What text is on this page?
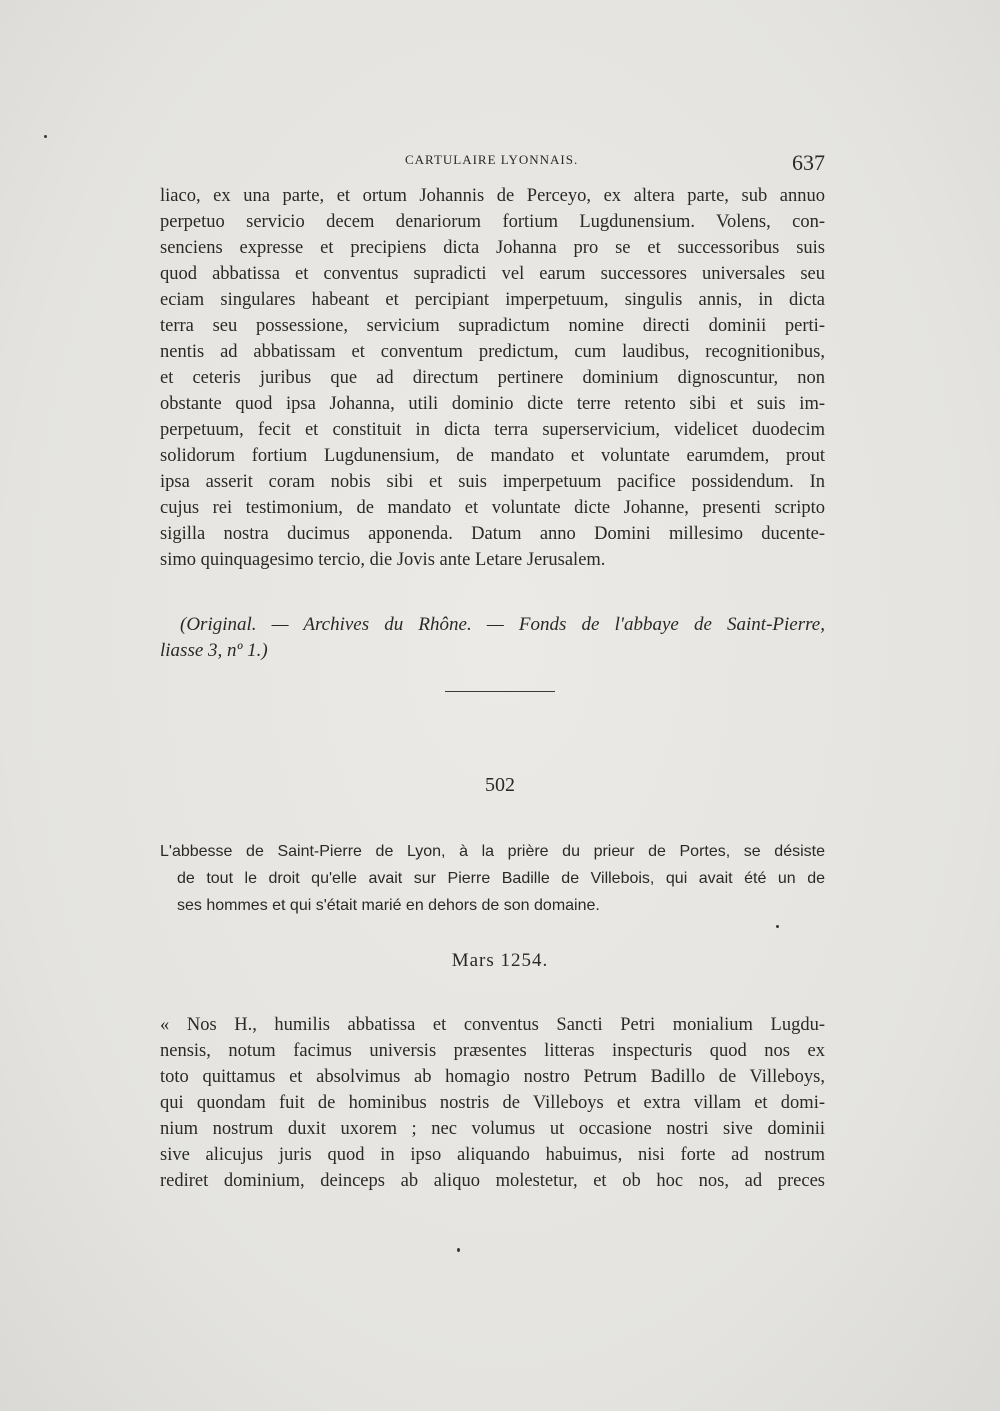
CARTULAIRE LYONNAIS.	637
liaco, ex una parte, et ortum Johannis de Perceyo, ex altera parte, sub annuo
perpetuo servicio decem denariorum fortium Lugdunensium. Volens, con-
senciens expresse et precipiens dicta Johanna pro se et successoribus suis
quod abbatissa et conventus supradicti vel earum successores universales seu
eciam singulares habeant et percipiant imperpetuum, singulis annis, in dicta
terra seu possessione, servicium supradictum nomine directi dominii perti-
nentis ad abbatissam et conventum predictum, cum laudibus, recognitionibus,
et ceteris juribus que ad directum pertinere dominium dignoscuntur, non
obstante quod ipsa Johanna, utili dominio dicte terre retento sibi et suis im-
perpetuum, fecit et constituit in dicta terra superservicium, videlicet duodecim
solidorum fortium Lugdunensium, de mandato et voluntate earumdem, prout
ipsa asserit coram nobis sibi et suis imperpetuum pacifice possidendum. In
cujus rei testimonium, de mandato et voluntate dicte Johanne, presenti scripto
sigilla nostra ducimus apponenda. Datum anno Domini millesimo ducente-
simo quinquagesimo tercio, die Jovis ante Letare Jerusalem.
(Original. — Archives du Rhône. — Fonds de l'abbaye de Saint-Pierre,
liasse 3, nº 1.)
502
L'abbesse de Saint-Pierre de Lyon, à la prière du prieur de Portes, se désiste
de tout le droit qu'elle avait sur Pierre Badille de Villebois, qui avait été un de
ses hommes et qui s'était marié en dehors de son domaine.
Mars 1254.
« Nos H., humilis abbatissa et conventus Sancti Petri monialium Lugdu-
nensis, notum facimus universis præsentes litteras inspecturis quod nos ex
toto quittamus et absolvimus ab homagio nostro Petrum Badillo de Villeboys,
qui quondam fuit de hominibus nostris de Villeboys et extra villam et domi-
nium nostrum duxit uxorem ; nec volumus ut occasione nostri sive dominii
sive alicujus juris quod in ipso aliquando habuimus, nisi forte ad nostrum
rediret dominium, deinceps ab aliquo molestetur, et ob hoc nos, ad preces
